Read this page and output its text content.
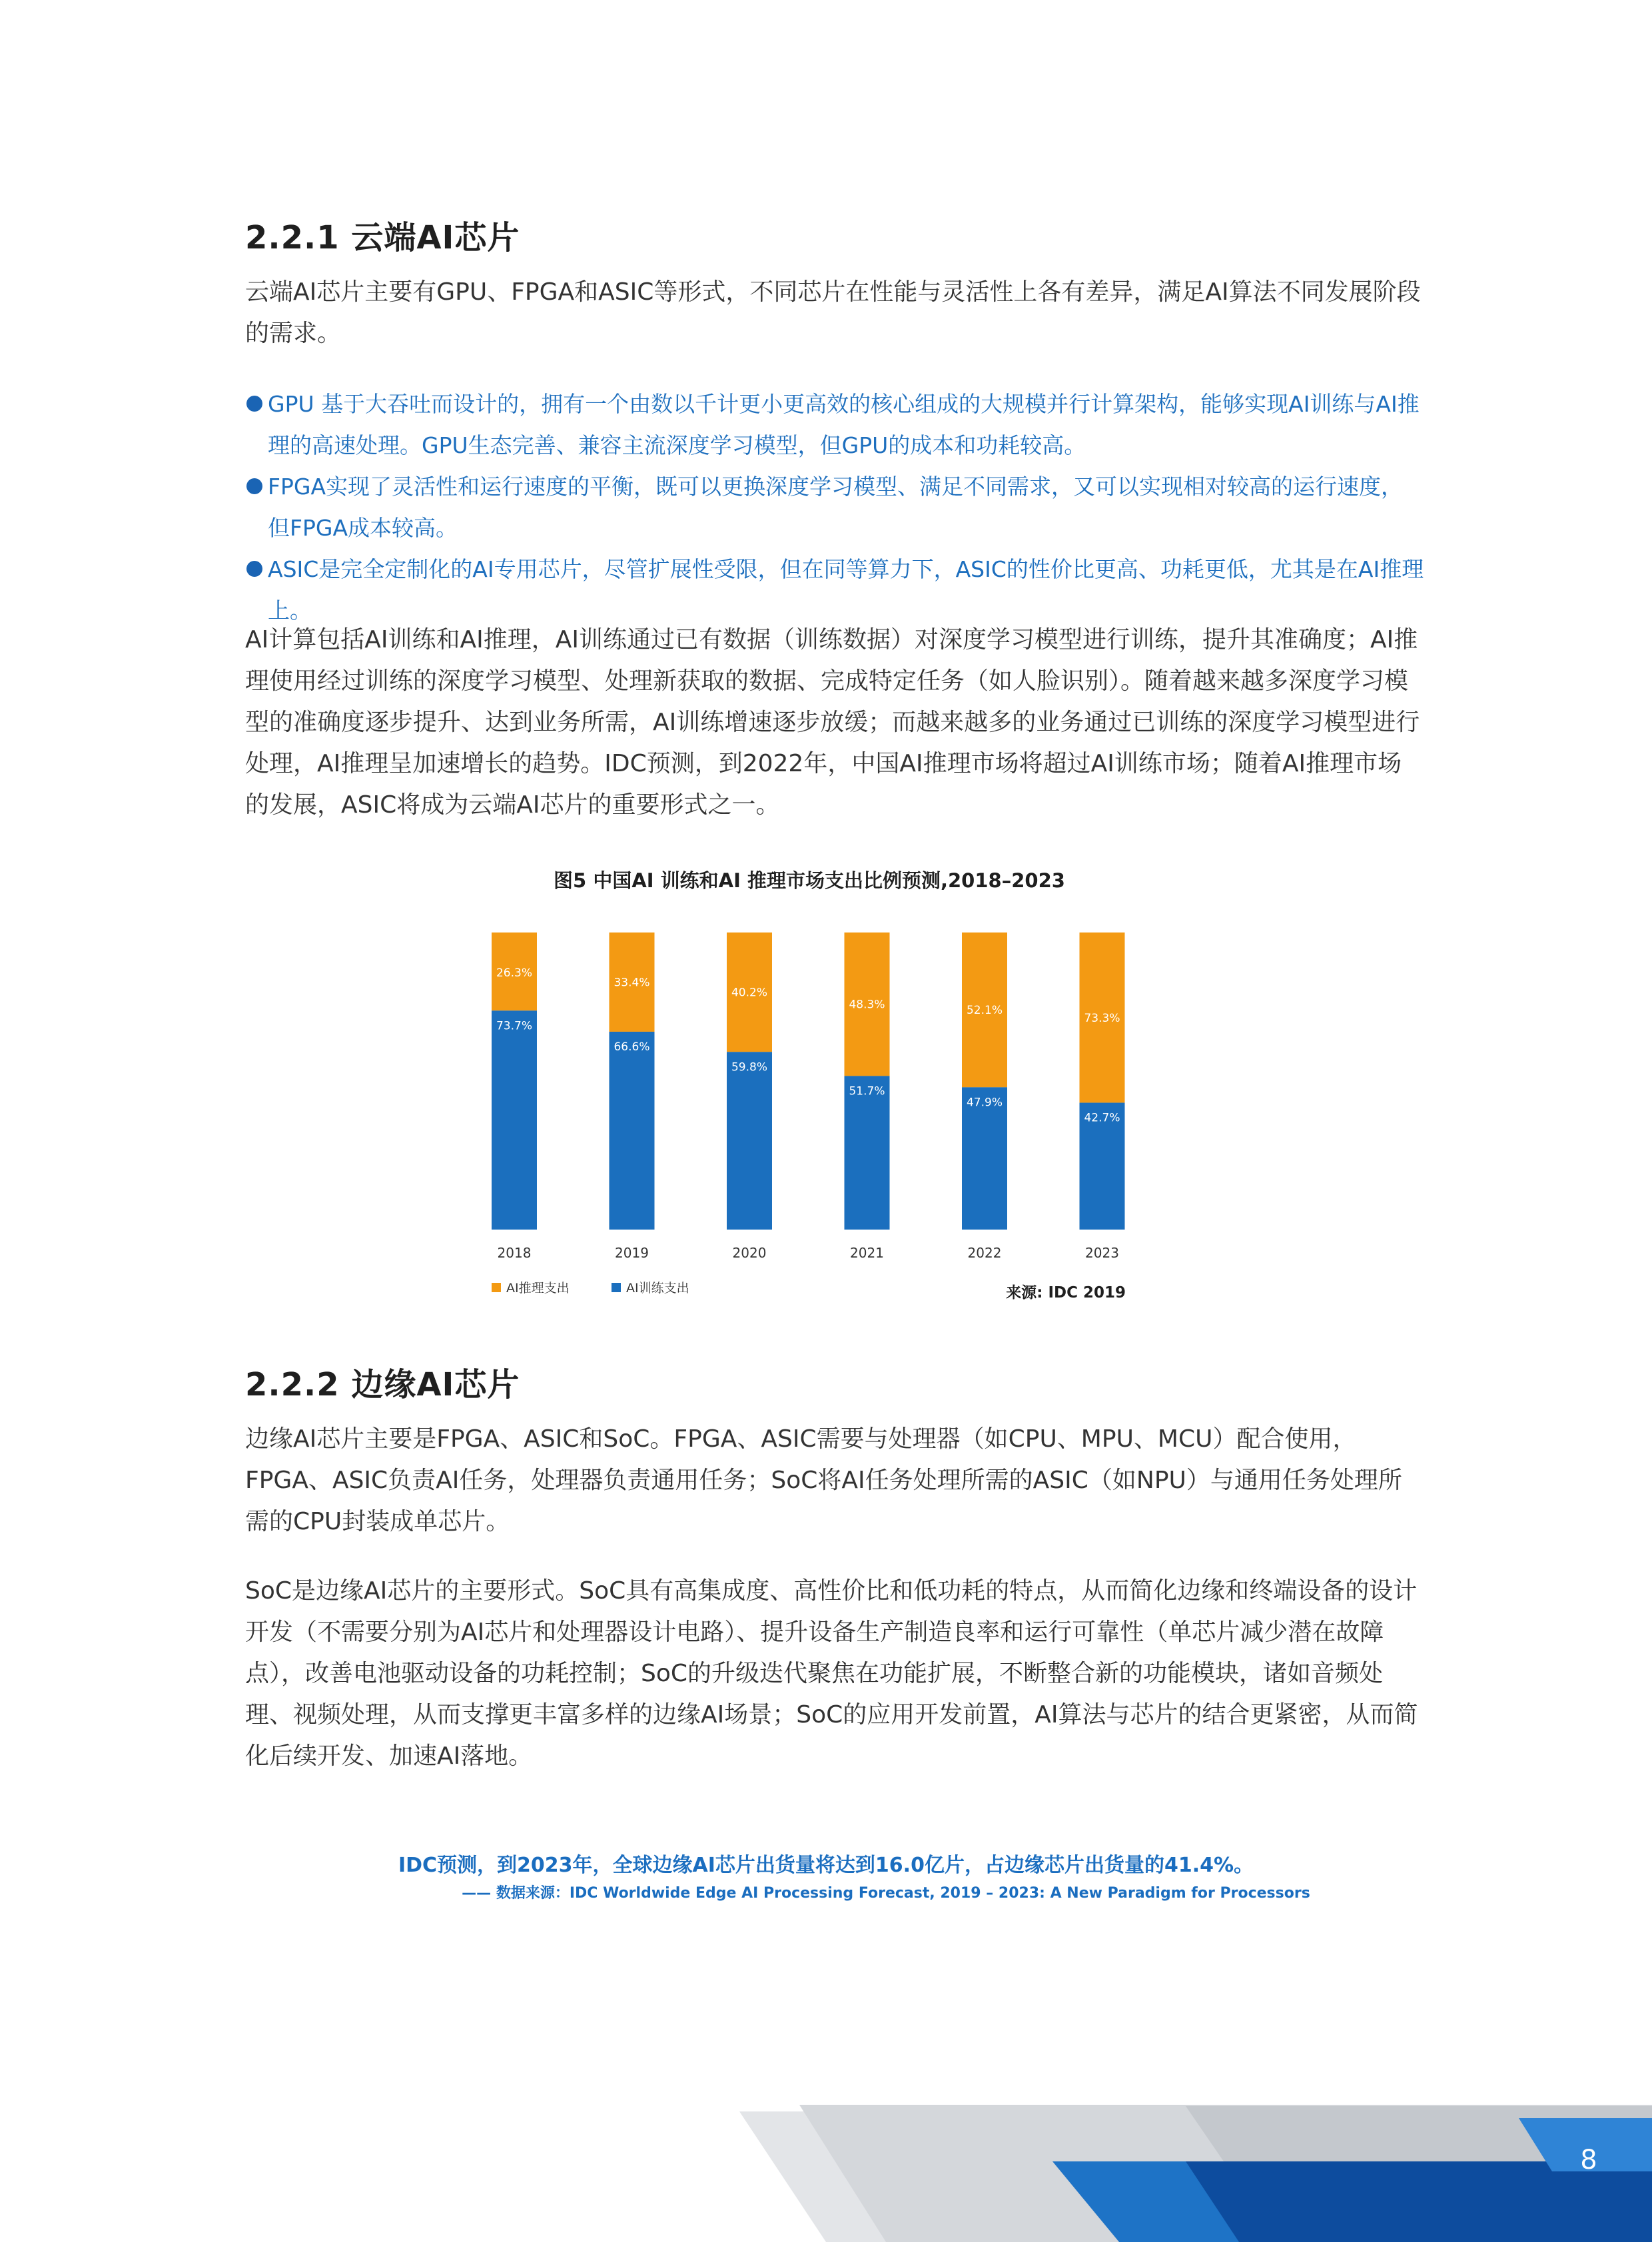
2.2.1 云端AI芯片

云端AI芯片主要有GPU、FPGA和ASIC等形式，不同芯片在性能与灵活性上各有差异，满足AI算法不同发展阶段的需求。

GPU 基于大吞吐而设计的，拥有一个由数以千计更小更高效的核心组成的大规模并行计算架构，能够实现AI训练与AI推理的高速处理。GPU生态完善、兼容主流深度学习模型，但GPU的成本和功耗较高。
FPGA实现了灵活性和运行速度的平衡，既可以更换深度学习模型、满足不同需求，又可以实现相对较高的运行速度，但FPGA成本较高。
ASIC是完全定制化的AI专用芯片，尽管扩展性受限，但在同等算力下，ASIC的性价比更高、功耗更低，尤其是在AI推理上。

AI计算包括AI训练和AI推理，AI训练通过已有数据（训练数据）对深度学习模型进行训练，提升其准确度；AI推理使用经过训练的深度学习模型、处理新获取的数据、完成特定任务（如人脸识别）。随着越来越多深度学习模型的准确度逐步提升、达到业务所需，AI训练增速逐步放缓；而越来越多的业务通过已训练的深度学习模型进行处理，AI推理呈加速增长的趋势。IDC预测，到2022年，中国AI推理市场将超过AI训练市场；随着AI推理市场的发展，ASIC将成为云端AI芯片的重要形式之一。

图5 中国AI 训练和AI 推理市场支出比例预测,2018–2023
26.3%
73.7%
2018
33.4%
66.6%
2019
40.2%
59.8%
2020
48.3%
51.7%
2021
52.1%
47.9%
2022
73.3%
42.7%
2023
AI推理支出	AI训练支出	来源: IDC 2019
2.2.2 边缘AI芯片

边缘AI芯片主要是FPGA、ASIC和SoC。FPGA、ASIC需要与处理器（如CPU、MPU、MCU）配合使用，FPGA、ASIC负责AI任务，处理器负责通用任务；SoC将AI任务处理所需的ASIC（如NPU）与通用任务处理所需的CPU封装成单芯片。

SoC是边缘AI芯片的主要形式。SoC具有高集成度、高性价比和低功耗的特点，从而简化边缘和终端设备的设计开发（不需要分别为AI芯片和处理器设计电路）、提升设备生产制造良率和运行可靠性（单芯片减少潜在故障点），改善电池驱动设备的功耗控制；SoC的升级迭代聚焦在功能扩展，不断整合新的功能模块，诸如音频处理、视频处理，从而支撑更丰富多样的边缘AI场景；SoC的应用开发前置，AI算法与芯片的结合更紧密，从而简化后续开发、加速AI落地。

IDC预测，到2023年，全球边缘AI芯片出货量将达到16.0亿片，占边缘芯片出货量的41.4%。
—— 数据来源：IDC Worldwide Edge AI Processing Forecast, 2019 – 2023: A New Paradigm for Processors
8
